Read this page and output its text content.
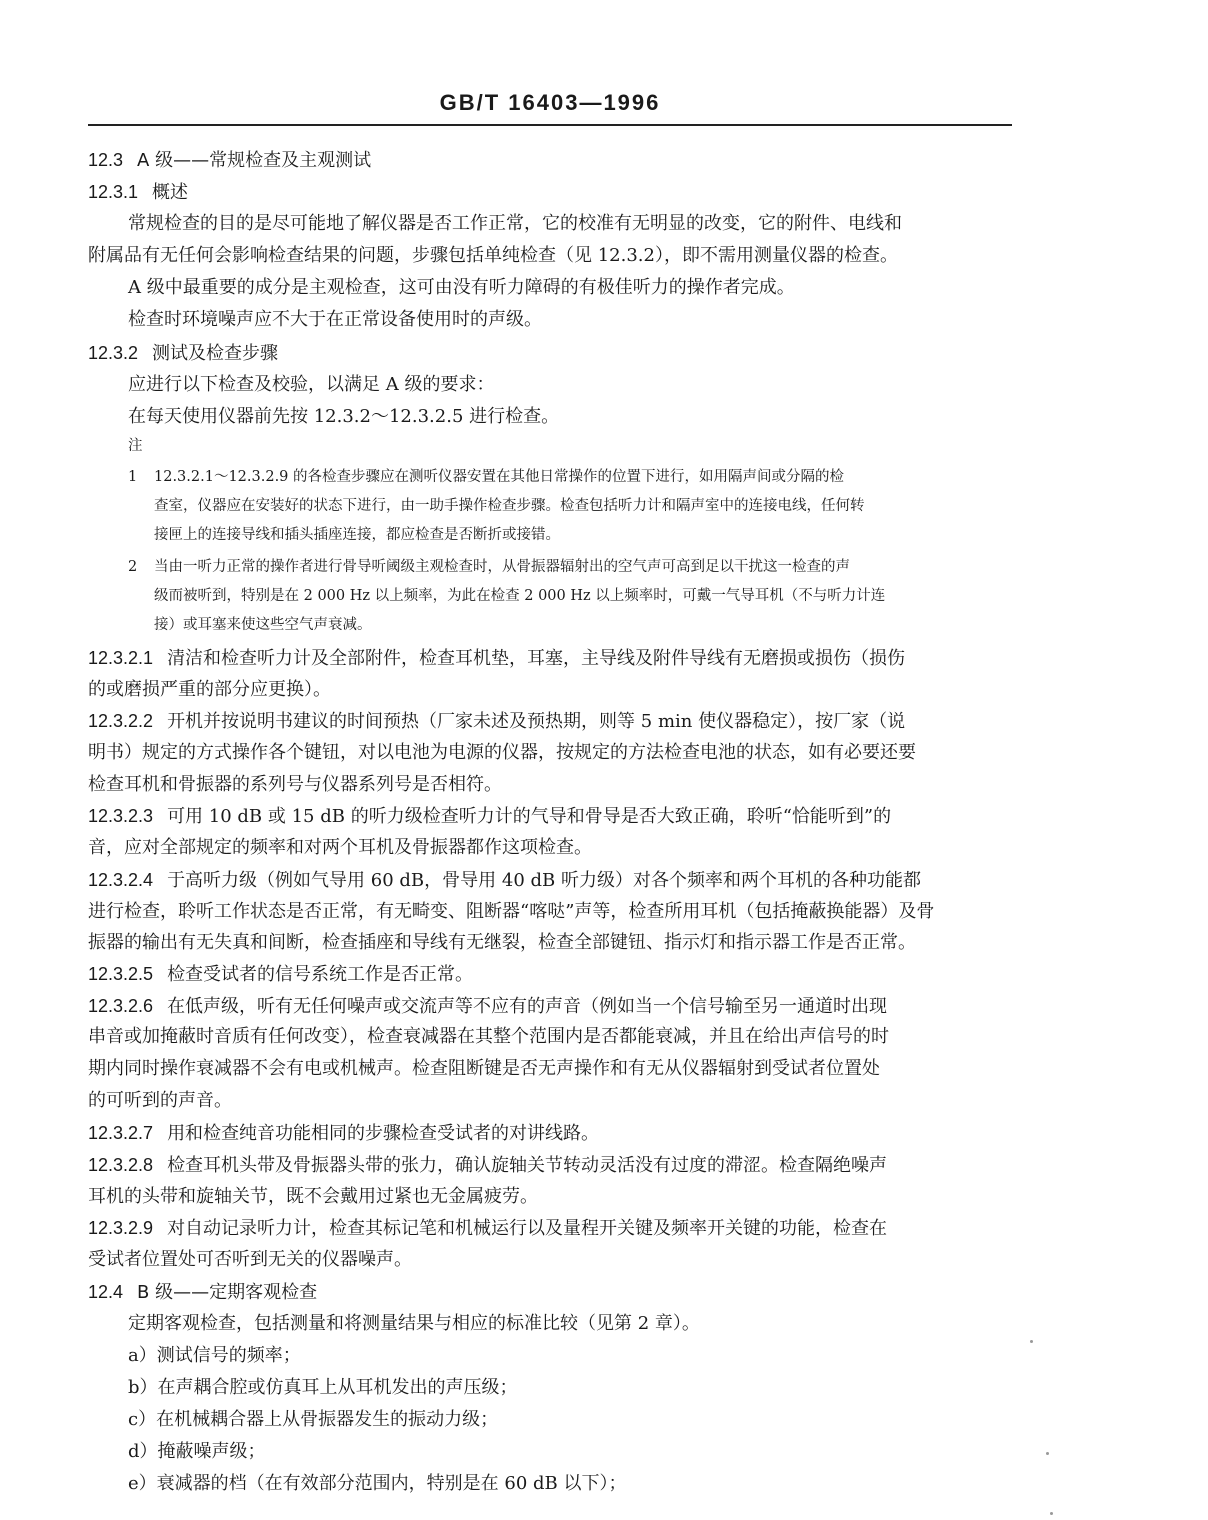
GB/T 16403—1996
12.3 A 级——常规检查及主观测试
12.3.1 概述
常规检查的目的是尽可能地了解仪器是否工作正常，它的校准有无明显的改变，它的附件、电线和
附属品有无任何会影响检查结果的问题，步骤包括单纯检查（见 12.3.2），即不需用测量仪器的检查。
A 级中最重要的成分是主观检查，这可由没有听力障碍的有极佳听力的操作者完成。
检查时环境噪声应不大于在正常设备使用时的声级。
12.3.2 测试及检查步骤
应进行以下检查及校验，以满足 A 级的要求：
在每天使用仪器前先按 12.3.2～12.3.2.5 进行检查。
注
1 12.3.2.1～12.3.2.9 的各检查步骤应在测听仪器安置在其他日常操作的位置下进行，如用隔声间或分隔的检
查室，仪器应在安装好的状态下进行，由一助手操作检查步骤。检查包括听力计和隔声室中的连接电线，任何转
接匣上的连接导线和插头插座连接，都应检查是否断折或接错。
2 当由一听力正常的操作者进行骨导听阈级主观检查时，从骨振器辐射出的空气声可高到足以干扰这一检查的声
级而被听到，特别是在 2 000 Hz 以上频率，为此在检查 2 000 Hz 以上频率时，可戴一气导耳机（不与听力计连
接）或耳塞来使这些空气声衰减。
12.3.2.1 清洁和检查听力计及全部附件，检查耳机垫，耳塞，主导线及附件导线有无磨损或损伤（损伤
的或磨损严重的部分应更换）。
12.3.2.2 开机并按说明书建议的时间预热（厂家未述及预热期，则等 5 min 使仪器稳定），按厂家（说
明书）规定的方式操作各个键钮，对以电池为电源的仪器，按规定的方法检查电池的状态，如有必要还要
检查耳机和骨振器的系列号与仪器系列号是否相符。
12.3.2.3 可用 10 dB 或 15 dB 的听力级检查听力计的气导和骨导是否大致正确，聆听“恰能听到”的
音，应对全部规定的频率和对两个耳机及骨振器都作这项检查。
12.3.2.4 于高听力级（例如气导用 60 dB，骨导用 40 dB 听力级）对各个频率和两个耳机的各种功能都
进行检查，聆听工作状态是否正常，有无畸变、阻断器“喀哒”声等，检查所用耳机（包括掩蔽换能器）及骨
振器的输出有无失真和间断，检查插座和导线有无继裂，检查全部键钮、指示灯和指示器工作是否正常。
12.3.2.5 检查受试者的信号系统工作是否正常。
12.3.2.6 在低声级，听有无任何噪声或交流声等不应有的声音（例如当一个信号输至另一通道时出现
串音或加掩蔽时音质有任何改变），检查衰减器在其整个范围内是否都能衰减，并且在给出声信号的时
期内同时操作衰减器不会有电或机械声。检查阻断键是否无声操作和有无从仪器辐射到受试者位置处
的可听到的声音。
12.3.2.7 用和检查纯音功能相同的步骤检查受试者的对讲线路。
12.3.2.8 检查耳机头带及骨振器头带的张力，确认旋轴关节转动灵活没有过度的滞涩。检查隔绝噪声
耳机的头带和旋轴关节，既不会戴用过紧也无金属疲劳。
12.3.2.9 对自动记录听力计，检查其标记笔和机械运行以及量程开关键及频率开关键的功能，检查在
受试者位置处可否听到无关的仪器噪声。
12.4 B 级——定期客观检查
定期客观检查，包括测量和将测量结果与相应的标准比较（见第 2 章）。
a）测试信号的频率；
b）在声耦合腔或仿真耳上从耳机发出的声压级；
c）在机械耦合器上从骨振器发生的振动力级；
d）掩蔽噪声级；
e）衰减器的档（在有效部分范围内，特别是在 60 dB 以下）；
